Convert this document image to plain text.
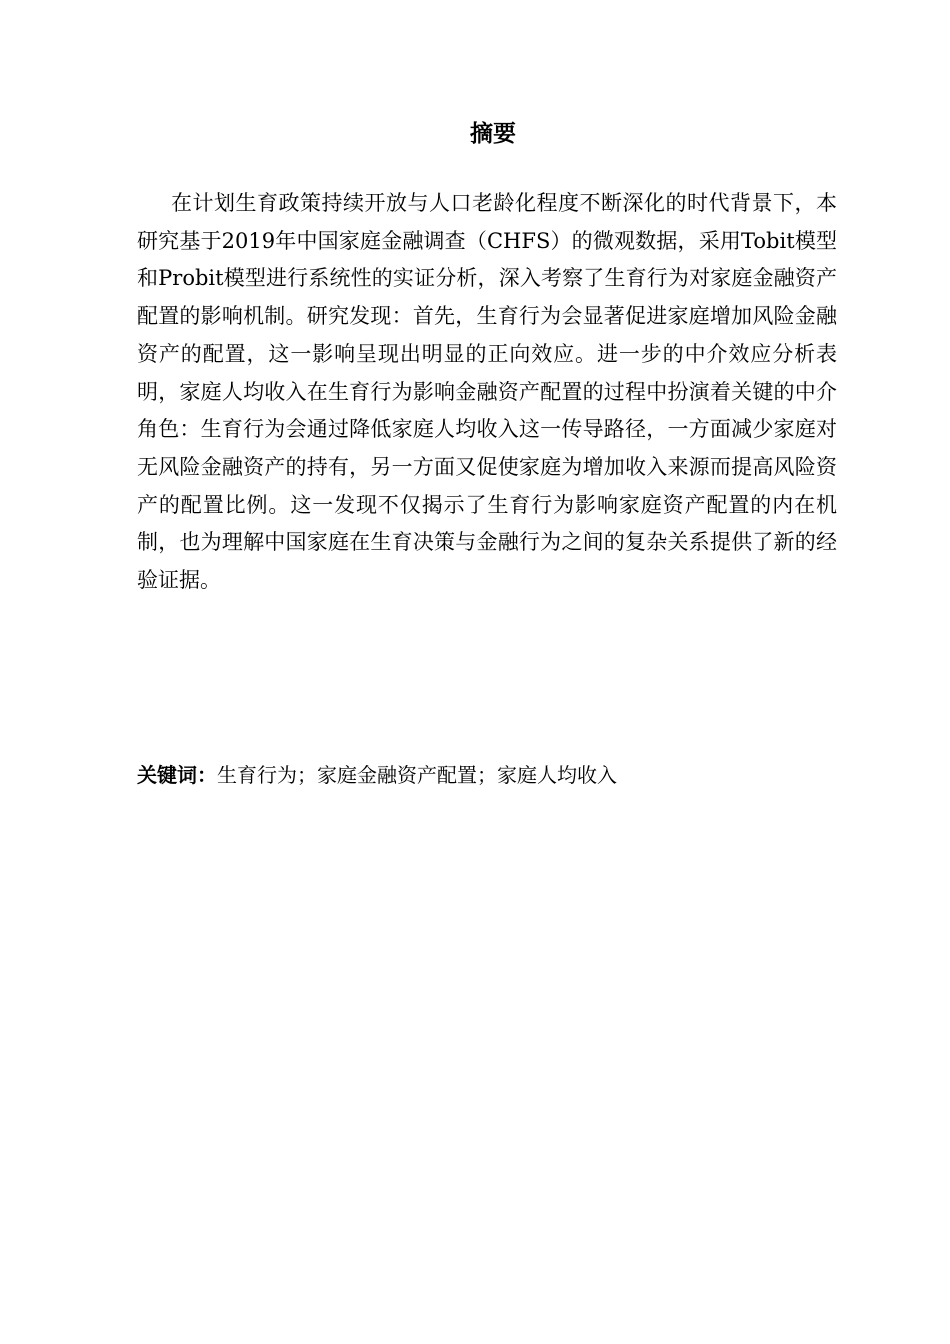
摘要

在计划生育政策持续开放与人口老龄化程度不断深化的时代背景下，本研究基于2019年中国家庭金融调查（CHFS）的微观数据，采用Tobit模型和Probit模型进行系统性的实证分析，深入考察了生育行为对家庭金融资产配置的影响机制。研究发现：首先，生育行为会显著促进家庭增加风险金融资产的配置，这一影响呈现出明显的正向效应。进一步的中介效应分析表明，家庭人均收入在生育行为影响金融资产配置的过程中扮演着关键的中介角色：生育行为会通过降低家庭人均收入这一传导路径，一方面减少家庭对无风险金融资产的持有，另一方面又促使家庭为增加收入来源而提高风险资产的配置比例。这一发现不仅揭示了生育行为影响家庭资产配置的内在机制，也为理解中国家庭在生育决策与金融行为之间的复杂关系提供了新的经验证据。

关键词：生育行为；家庭金融资产配置；家庭人均收入
